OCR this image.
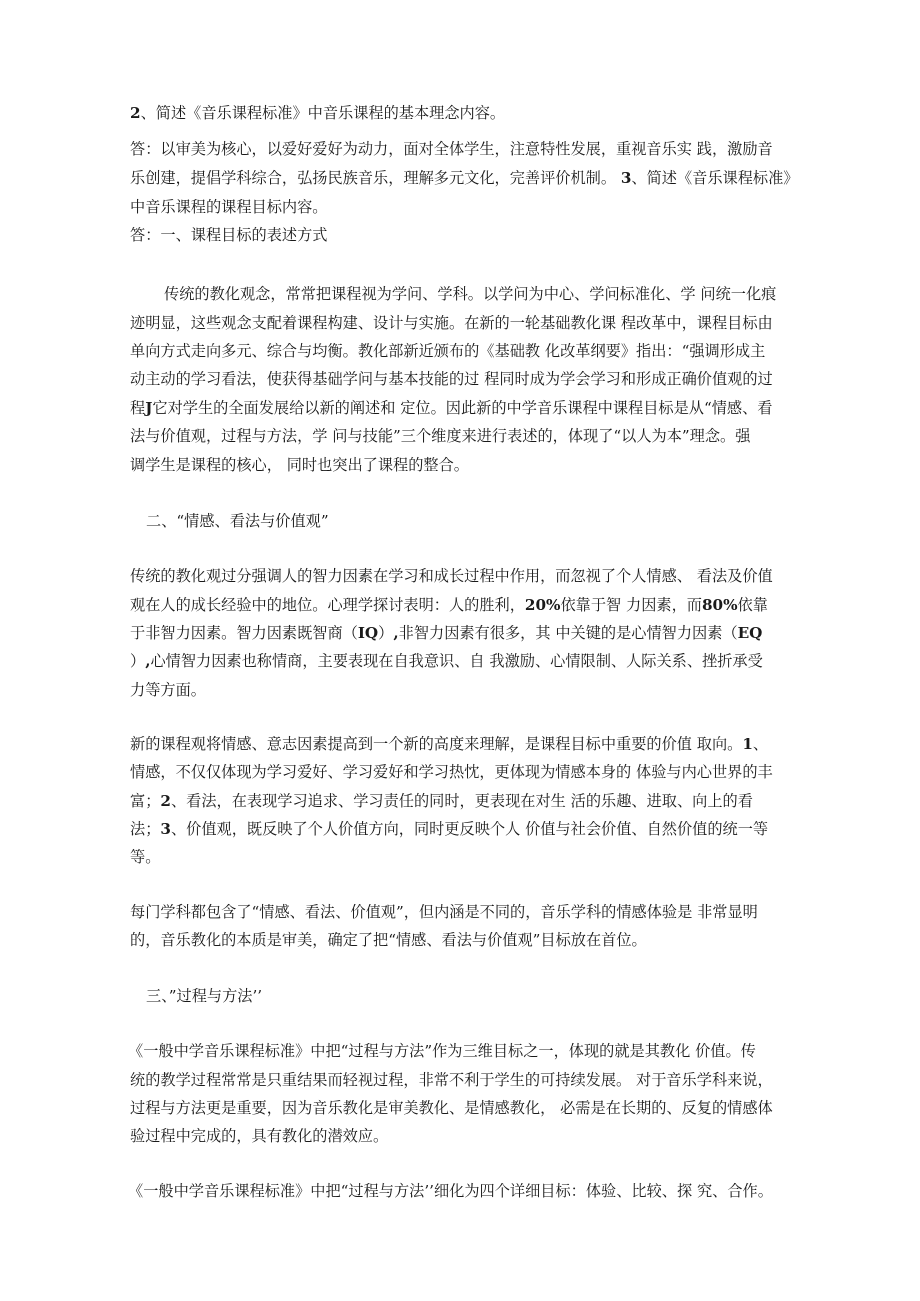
2、简述《音乐课程标准》中音乐课程的基本理念内容。
答：以审美为核心，以爱好爱好为动力，面对全体学生，注意特性发展，重视音乐实 践，激励音
乐创建，提倡学科综合，弘扬民族音乐，理解多元文化，完善评价机制。 3、简述《音乐课程标准》
中音乐课程的课程目标内容。
答：一、课程目标的表述方式
传统的教化观念，常常把课程视为学问、学科。以学问为中心、学问标准化、学 问统一化痕
迹明显，这些观念支配着课程构建、设计与实施。在新的一轮基础教化课 程改革中，课程目标由
单向方式走向多元、综合与均衡。教化部新近颁布的《基础教 化改革纲要》指出：“强调形成主
动主动的学习看法，使获得基础学问与基本技能的过 程同时成为学会学习和形成正确价值观的过
程J它对学生的全面发展给以新的阐述和 定位。因此新的中学音乐课程中课程目标是从“情感、看
法与价值观，过程与方法，学 问与技能”三个维度来进行表述的，体现了“以人为本”理念。强
调学生是课程的核心， 同时也突出了课程的整合。
二、“情感、看法与价值观”
传统的教化观过分强调人的智力因素在学习和成长过程中作用，而忽视了个人情感、 看法及价值
观在人的成长经验中的地位。心理学探讨表明：人的胜利，20%依靠于智 力因素，而80%依靠
于非智力因素。智力因素既智商（IQ）,非智力因素有很多，其 中关键的是心情智力因素（EQ
）,心情智力因素也称情商，主要表现在自我意识、自 我激励、心情限制、人际关系、挫折承受
力等方面。
新的课程观将情感、意志因素提高到一个新的高度来理解，是课程目标中重要的价值 取向。1、
情感，不仅仅体现为学习爱好、学习爱好和学习热忱，更体现为情感本身的 体验与内心世界的丰
富；2、看法，在表现学习追求、学习责任的同时，更表现在对生 活的乐趣、进取、向上的看
法；3、价值观，既反映了个人价值方向，同时更反映个人 价值与社会价值、自然价值的统一等
等。
每门学科都包含了“情感、看法、价值观”，但内涵是不同的，音乐学科的情感体验是 非常显明
的，音乐教化的本质是审美，确定了把“情感、看法与价值观”目标放在首位。
三、”过程与方法’’
《一般中学音乐课程标准》中把“过程与方法”作为三维目标之一，体现的就是其教化 价值。传
统的教学过程常常是只重结果而轻视过程，非常不利于学生的可持续发展。 对于音乐学科来说，
过程与方法更是重要，因为音乐教化是审美教化、是情感教化， 必需是在长期的、反复的情感体
验过程中完成的，具有教化的潜效应。
《一般中学音乐课程标准》中把“过程与方法’’细化为四个详细目标：体验、比较、探 究、合作。
